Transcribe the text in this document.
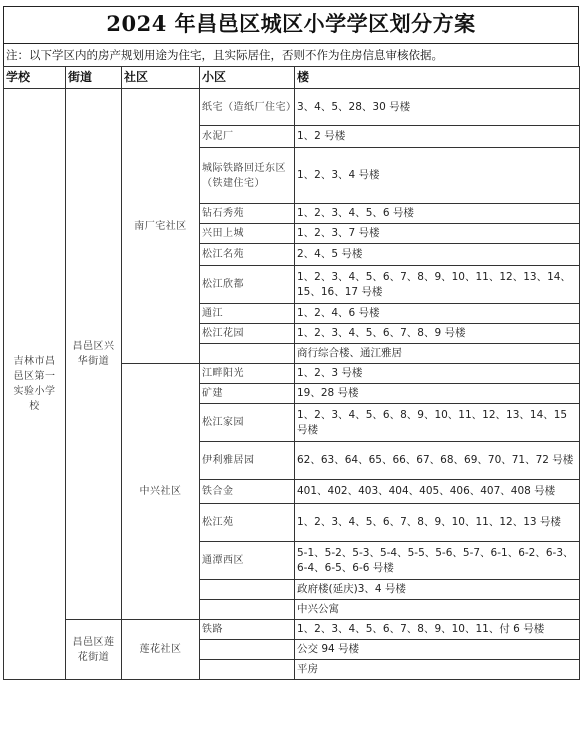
2024 年昌邑区城区小学学区划分方案
注：以下学区内的房产规划用途为住宅，且实际居住，否则不作为住房信息审核依据。
学校	街道	社区	小区	楼
吉林市昌邑区第一实验小学校	昌邑区兴华街道	南厂宅社区	纸宅（造纸厂住宅）	3、4、5、28、30 号楼
			水泥厂	1、2 号楼
			城际铁路回迁东区（铁建住宅）	1、2、3、4 号楼
			钻石秀苑	1、2、3、4、5、6 号楼
			兴田上城	1、2、3、7 号楼
			松江名苑	2、4、5 号楼
			松江欣都	1、2、3、4、5、6、7、8、9、10、11、12、13、14、15、16、17 号楼
			通江	1、2、4、6 号楼
			松江花园	1、2、3、4、5、6、7、8、9 号楼
				商行综合楼、通江雅居
		中兴社区	江畔阳光	1、2、3 号楼
			矿建	19、28 号楼
			松江家园	1、2、3、4、5、6、8、9、10、11、12、13、14、15 号楼
			伊利雅居园	62、63、64、65、66、67、68、69、70、71、72 号楼
			铁合金	401、402、403、404、405、406、407、408 号楼
			松江苑	1、2、3、4、5、6、7、8、9、10、11、12、13 号楼
			通潭西区	5-1、5-2、5-3、5-4、5-5、5-6、5-7、6-1、6-2、6-3、6-4、6-5、6-6 号楼
				政府楼(延庆)3、4 号楼
				中兴公寓
	昌邑区莲花街道	莲花社区	铁路	1、2、3、4、5、6、7、8、9、10、11、付 6 号楼
				公交 94 号楼
				平房
